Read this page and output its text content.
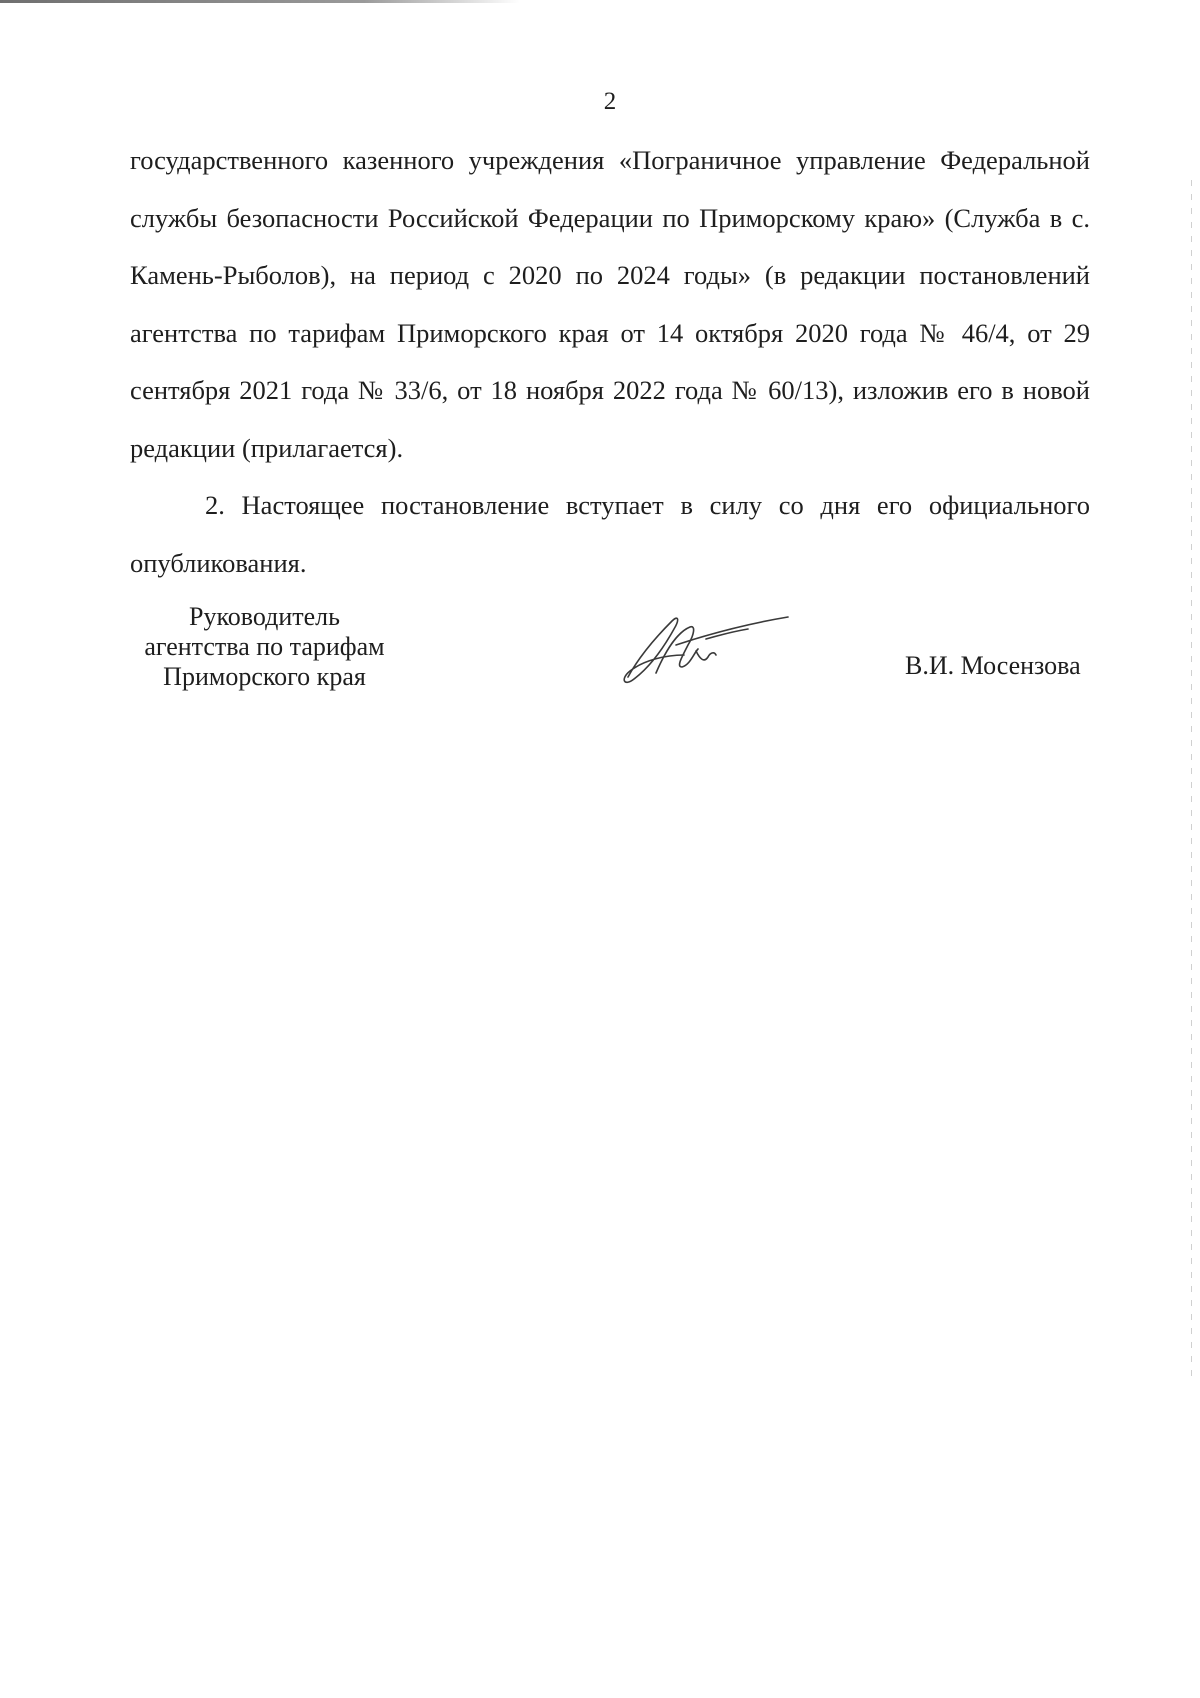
2

государственного казенного учреждения «Пограничное управление Федеральной службы безопасности Российской Федерации по Приморскому краю» (Служба в с. Камень-Рыболов), на период с 2020 по 2024 годы» (в редакции постановлений агентства по тарифам Приморского края от 14 октября 2020 года № 46/4, от 29 сентября 2021 года № 33/6, от 18 ноября 2022 года № 60/13), изложив его в новой редакции (прилагается).

2. Настоящее постановление вступает в силу со дня его официального опубликования.

Руководитель
агентства по тарифам
Приморского края	В.И. Мосензова
